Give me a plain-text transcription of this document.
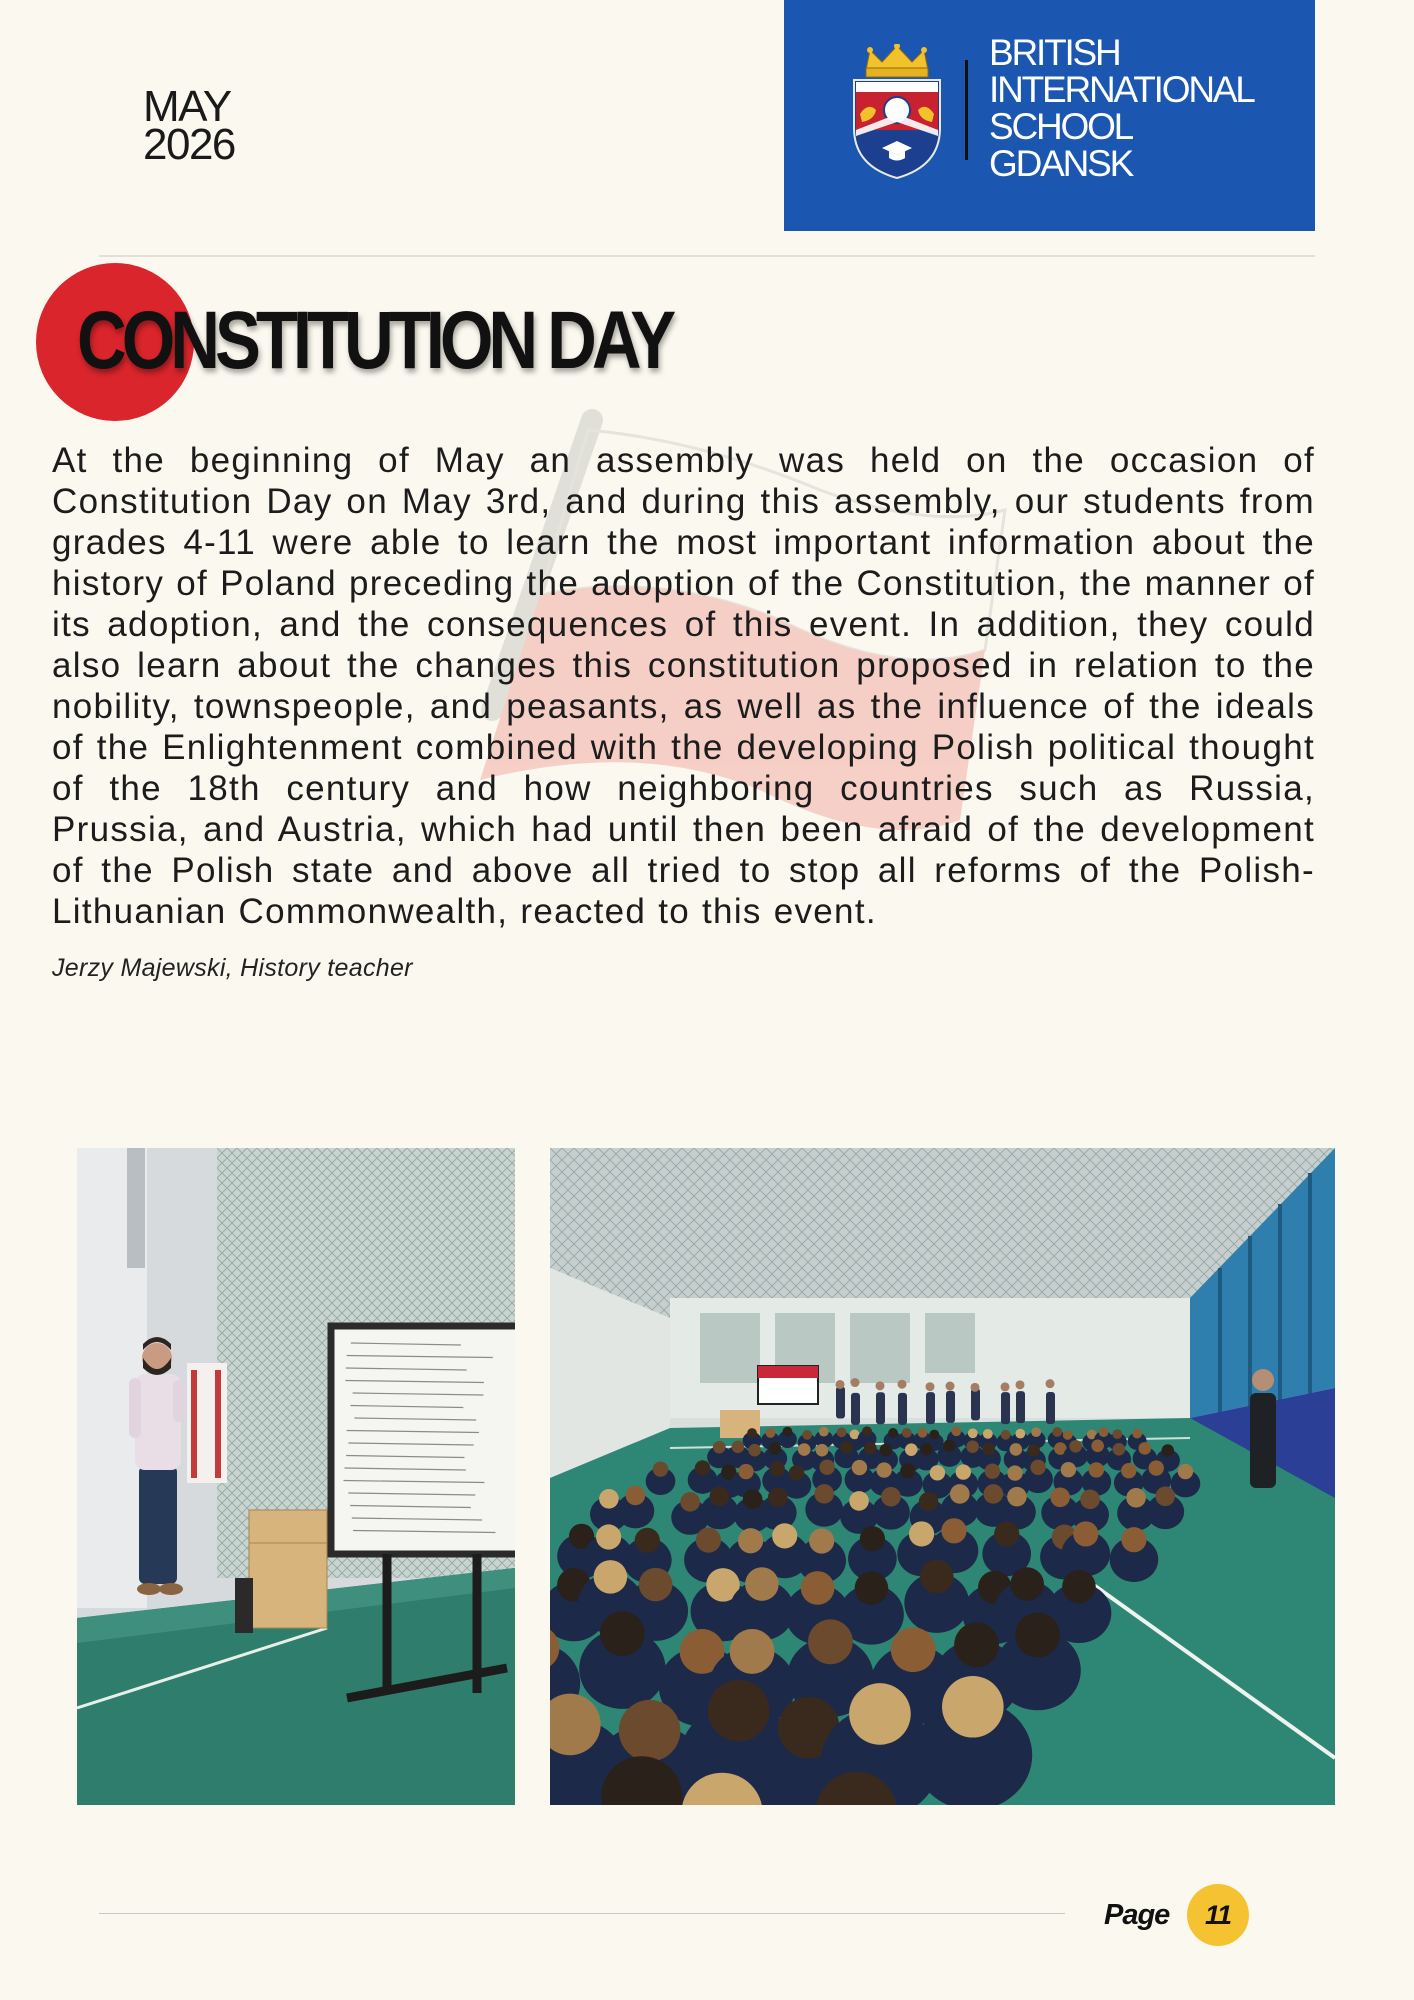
MAY
2026
BRITISH
INTERNATIONAL
SCHOOL
GDANSK
CONSTITUTION DAY

At the beginning of May an assembly was held on the occasion of Constitution Day on May 3rd, and during this assembly, our students from grades 4-11 were able to learn the most important information about the history of Poland preceding the adoption of the Constitution, the manner of its adoption, and the consequences of this event. In addition, they could also learn about the changes this constitution proposed in relation to the nobility, townspeople, and peasants, as well as the influence of the ideals of the Enlightenment combined with the developing Polish political thought of the 18th century and how neighboring countries such as Russia, Prussia, and Austria, which had until then been afraid of the development of the Polish state and above all tried to stop all reforms of the Polish-Lithuanian Commonwealth, reacted to this event.

Jerzy Majewski, History teacher

Page 11
